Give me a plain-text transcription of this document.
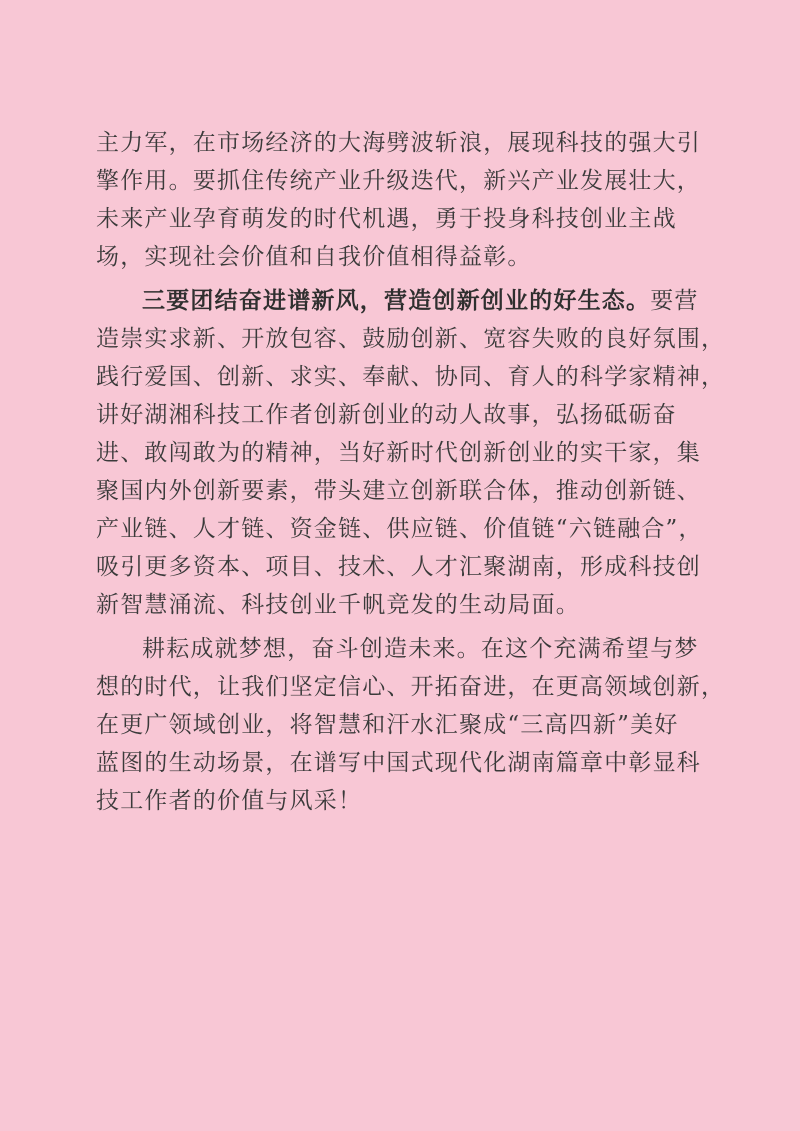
主力军，在市场经济的大海劈波斩浪，展现科技的强大引
擎作用。要抓住传统产业升级迭代，新兴产业发展壮大，
未来产业孕育萌发的时代机遇，勇于投身科技创业主战
场，实现社会价值和自我价值相得益彰。
三要团结奋进谱新风，营造创新创业的好生态。要营
造崇实求新、开放包容、鼓励创新、宽容失败的良好氛围，
践行爱国、创新、求实、奉献、协同、育人的科学家精神，
讲好湖湘科技工作者创新创业的动人故事，弘扬砥砺奋
进、敢闯敢为的精神，当好新时代创新创业的实干家，集
聚国内外创新要素，带头建立创新联合体，推动创新链、
产业链、人才链、资金链、供应链、价值链“六链融合”，
吸引更多资本、项目、技术、人才汇聚湖南，形成科技创
新智慧涌流、科技创业千帆竞发的生动局面。
耕耘成就梦想，奋斗创造未来。在这个充满希望与梦
想的时代，让我们坚定信心、开拓奋进，在更高领域创新，
在更广领域创业，将智慧和汗水汇聚成“三高四新”美好
蓝图的生动场景，在谱写中国式现代化湖南篇章中彰显科
技工作者的价值与风采！
